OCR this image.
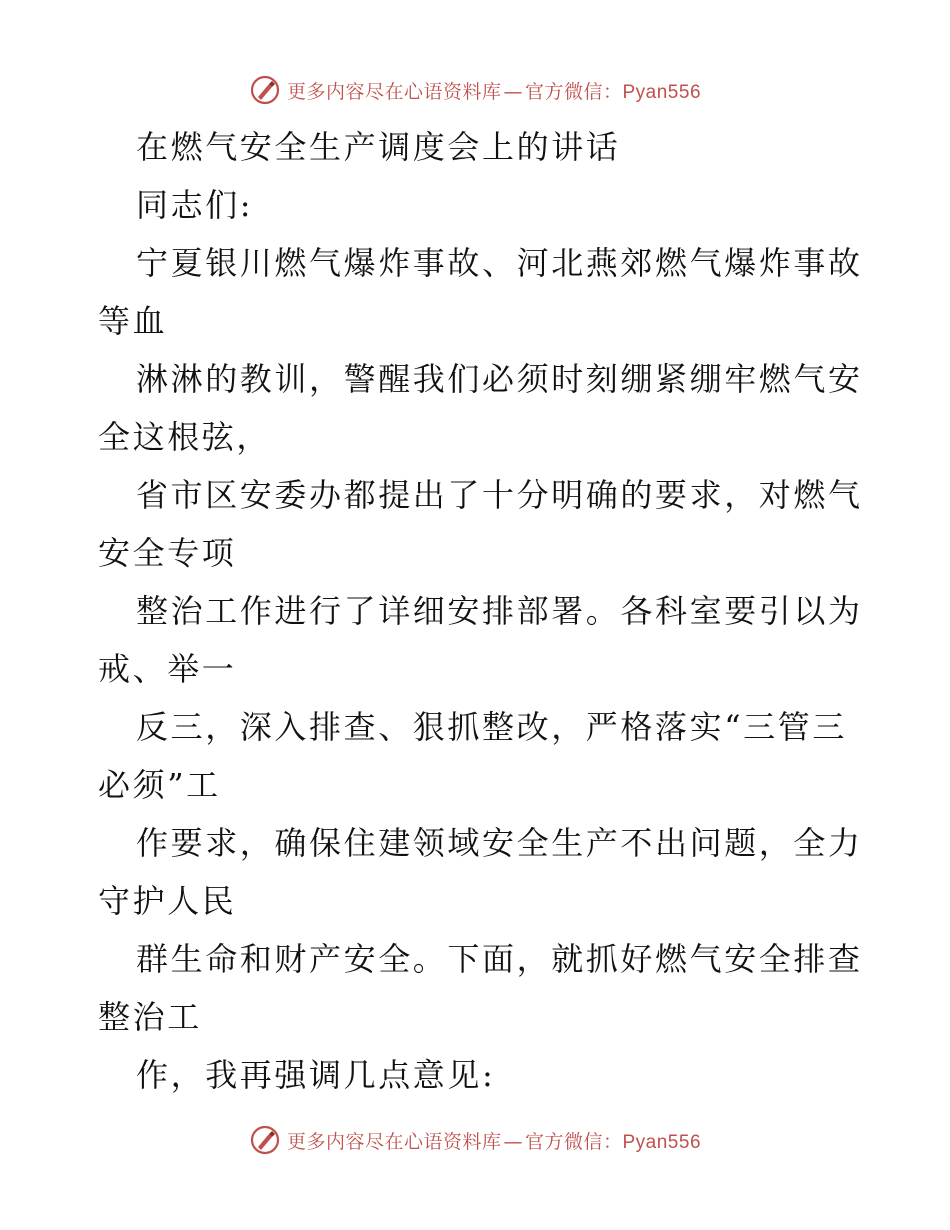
更多内容尽在心语资料库 — 官方微信：Pyan556
在燃气安全生产调度会上的讲话
同志们:
宁夏银川燃气爆炸事故、河北燕郊燃气爆炸事故
等血
淋淋的教训，警醒我们必须时刻绷紧绷牢燃气安
全这根弦，
省市区安委办都提出了十分明确的要求，对燃气
安全专项
整治工作进行了详细安排部署。各科室要引以为
戒、举一
反三，深入排查、狠抓整改，严格落实“三管三
必须”工
作要求，确保住建领域安全生产不出问题，全力
守护人民
群生命和财产安全。下面，就抓好燃气安全排查
整治工
作，我再强调几点意见:
更多内容尽在心语资料库 — 官方微信：Pyan556
